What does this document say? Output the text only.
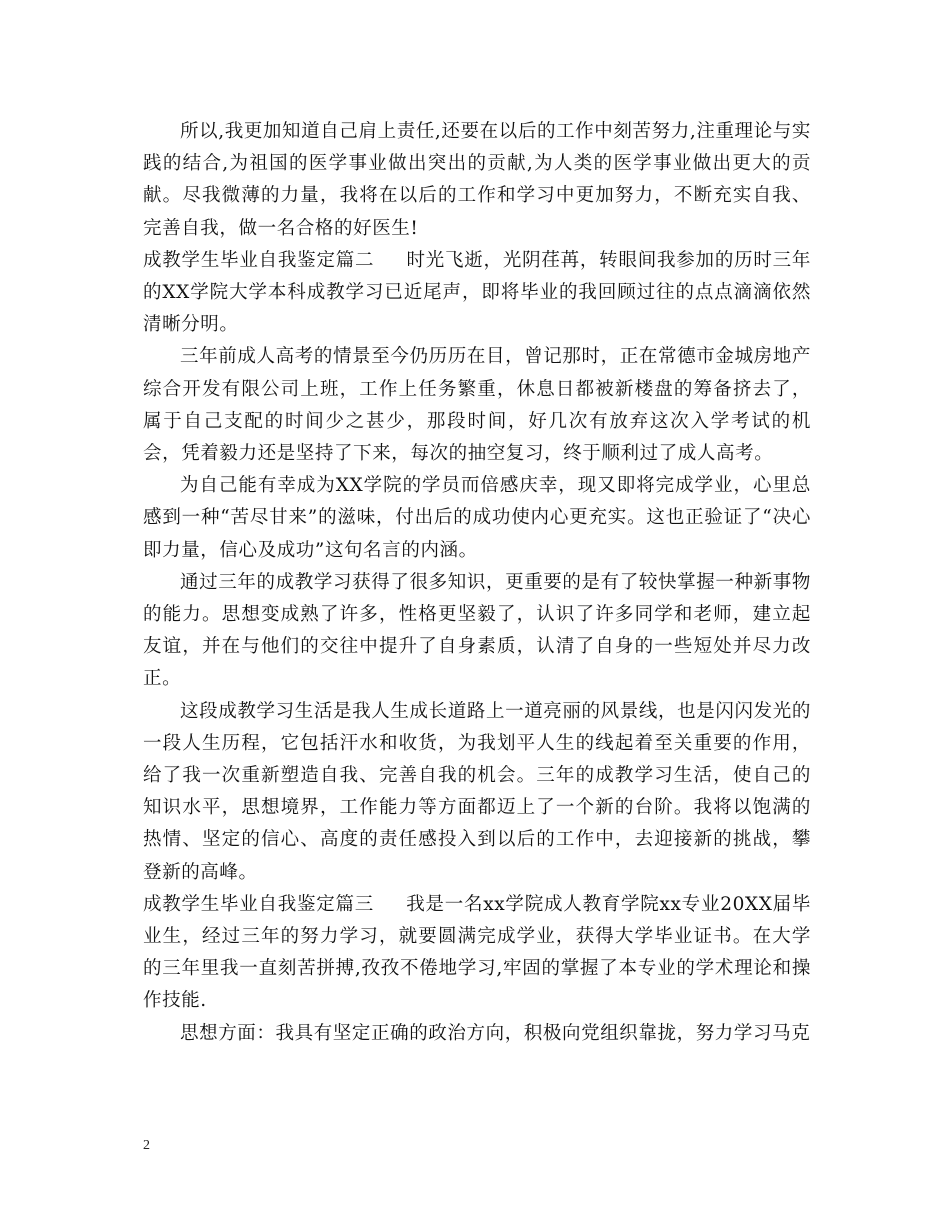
所以,我更加知道自己肩上责任,还要在以后的工作中刻苦努力,注重理论与实践的结合,为祖国的医学事业做出突出的贡献,为人类的医学事业做出更大的贡献。尽我微薄的力量，我将在以后的工作和学习中更加努力，不断充实自我、完善自我，做一名合格的好医生!

成教学生毕业自我鉴定篇二 时光飞逝，光阴荏苒，转眼间我参加的历时三年的XX学院大学本科成教学习已近尾声，即将毕业的我回顾过往的点点滴滴依然清晰分明。

三年前成人高考的情景至今仍历历在目，曾记那时，正在常德市金城房地产综合开发有限公司上班，工作上任务繁重，休息日都被新楼盘的筹备挤去了，属于自己支配的时间少之甚少，那段时间，好几次有放弃这次入学考试的机会，凭着毅力还是坚持了下来，每次的抽空复习，终于顺利过了成人高考。

为自己能有幸成为XX学院的学员而倍感庆幸，现又即将完成学业，心里总感到一种“苦尽甘来”的滋味，付出后的成功使内心更充实。这也正验证了“决心即力量，信心及成功”这句名言的内涵。

通过三年的成教学习获得了很多知识，更重要的是有了较快掌握一种新事物的能力。思想变成熟了许多，性格更坚毅了，认识了许多同学和老师，建立起友谊，并在与他们的交往中提升了自身素质，认清了自身的一些短处并尽力改正。

这段成教学习生活是我人生成长道路上一道亮丽的风景线，也是闪闪发光的一段人生历程，它包括汗水和收货，为我划平人生的线起着至关重要的作用，给了我一次重新塑造自我、完善自我的机会。三年的成教学习生活，使自己的知识水平，思想境界，工作能力等方面都迈上了一个新的台阶。我将以饱满的热情、坚定的信心、高度的责任感投入到以后的工作中，去迎接新的挑战，攀登新的高峰。

成教学生毕业自我鉴定篇三 我是一名xx学院成人教育学院xx专业20XX届毕业生，经过三年的努力学习，就要圆满完成学业，获得大学毕业证书。在大学的三年里我一直刻苦拼搏,孜孜不倦地学习,牢固的掌握了本专业的学术理论和操作技能.

思想方面：我具有坚定正确的政治方向，积极向党组织靠拢，努力学习马克

2
